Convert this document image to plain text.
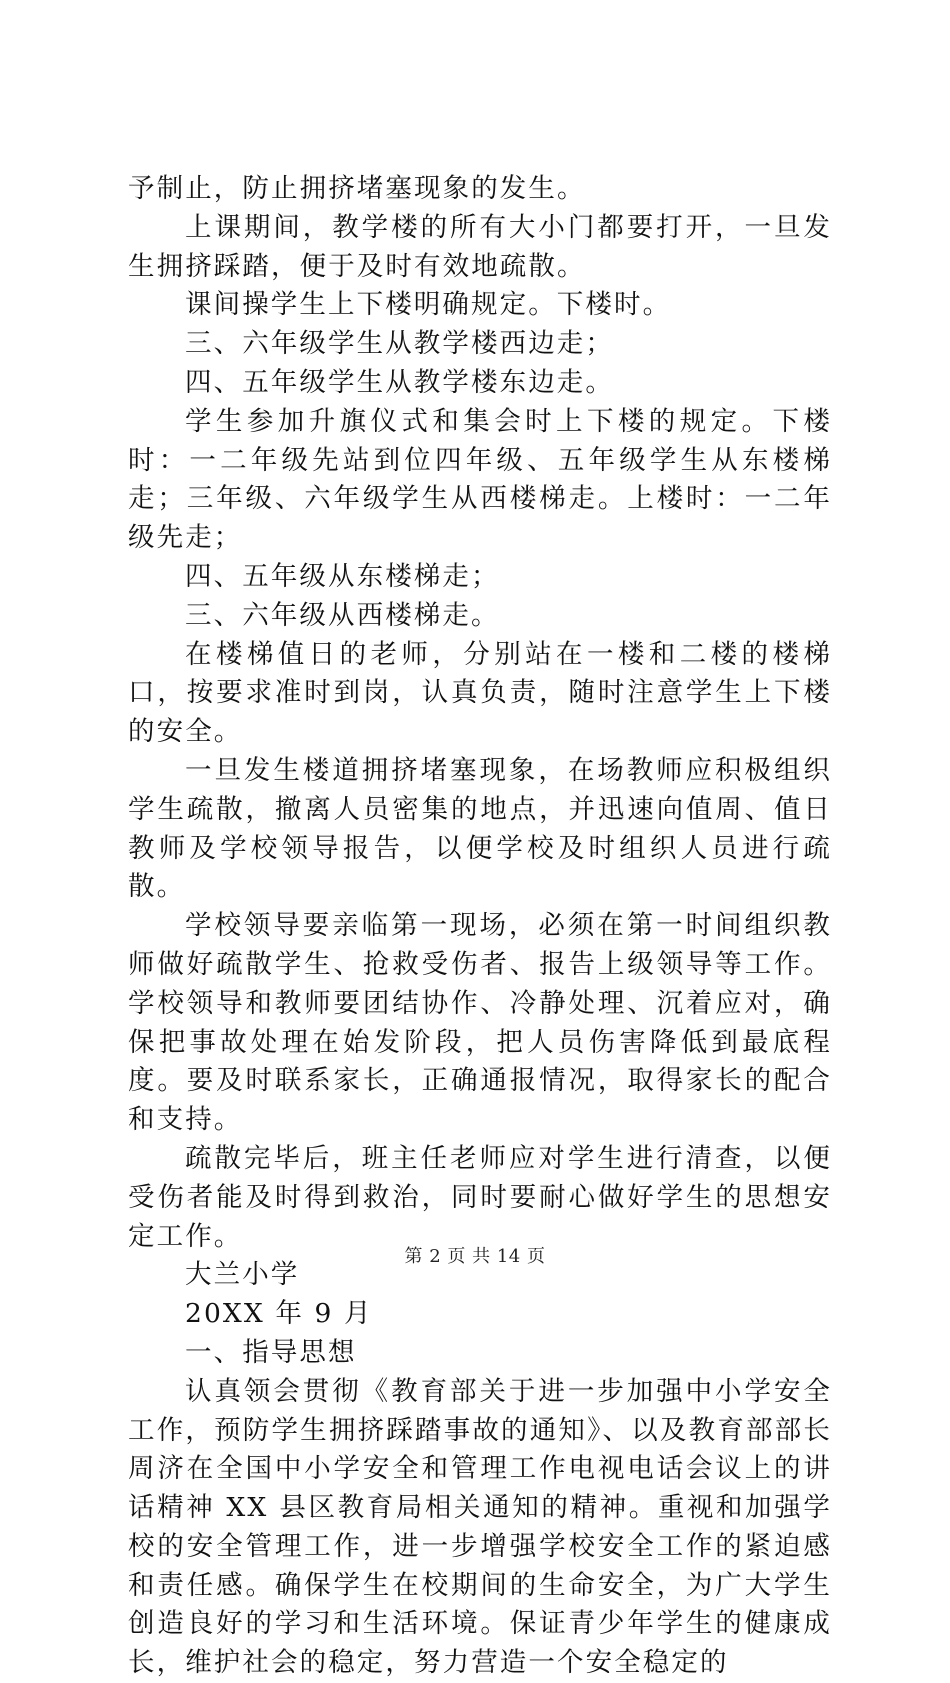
予制止，防止拥挤堵塞现象的发生。

上课期间，教学楼的所有大小门都要打开，一旦发生拥挤踩踏，便于及时有效地疏散。

课间操学生上下楼明确规定。下楼时。

三、六年级学生从教学楼西边走；

四、五年级学生从教学楼东边走。

学生参加升旗仪式和集会时上下楼的规定。下楼时：一二年级先站到位四年级、五年级学生从东楼梯走；三年级、六年级学生从西楼梯走。上楼时：一二年级先走；

四、五年级从东楼梯走；

三、六年级从西楼梯走。

在楼梯值日的老师，分别站在一楼和二楼的楼梯口，按要求准时到岗，认真负责，随时注意学生上下楼的安全。

一旦发生楼道拥挤堵塞现象，在场教师应积极组织学生疏散，撤离人员密集的地点，并迅速向值周、值日教师及学校领导报告，以便学校及时组织人员进行疏散。

学校领导要亲临第一现场，必须在第一时间组织教师做好疏散学生、抢救受伤者、报告上级领导等工作。学校领导和教师要团结协作、冷静处理、沉着应对，确保把事故处理在始发阶段，把人员伤害降低到最底程度。要及时联系家长，正确通报情况，取得家长的配合和支持。

疏散完毕后，班主任老师应对学生进行清查，以便受伤者能及时得到救治，同时要耐心做好学生的思想安定工作。

大兰小学

20XX 年 9 月

一、指导思想

认真领会贯彻《教育部关于进一步加强中小学安全工作，预防学生拥挤踩踏事故的通知》、以及教育部部长周济在全国中小学安全和管理工作电视电话会议上的讲话精神 XX 县区教育局相关通知的精神。重视和加强学校的安全管理工作，进一步增强学校安全工作的紧迫感和责任感。确保学生在校期间的生命安全，为广大学生创造良好的学习和生活环境。保证青少年学生的健康成长，维护社会的稳定，努力营造一个安全稳定的

第 2 页 共 14 页
